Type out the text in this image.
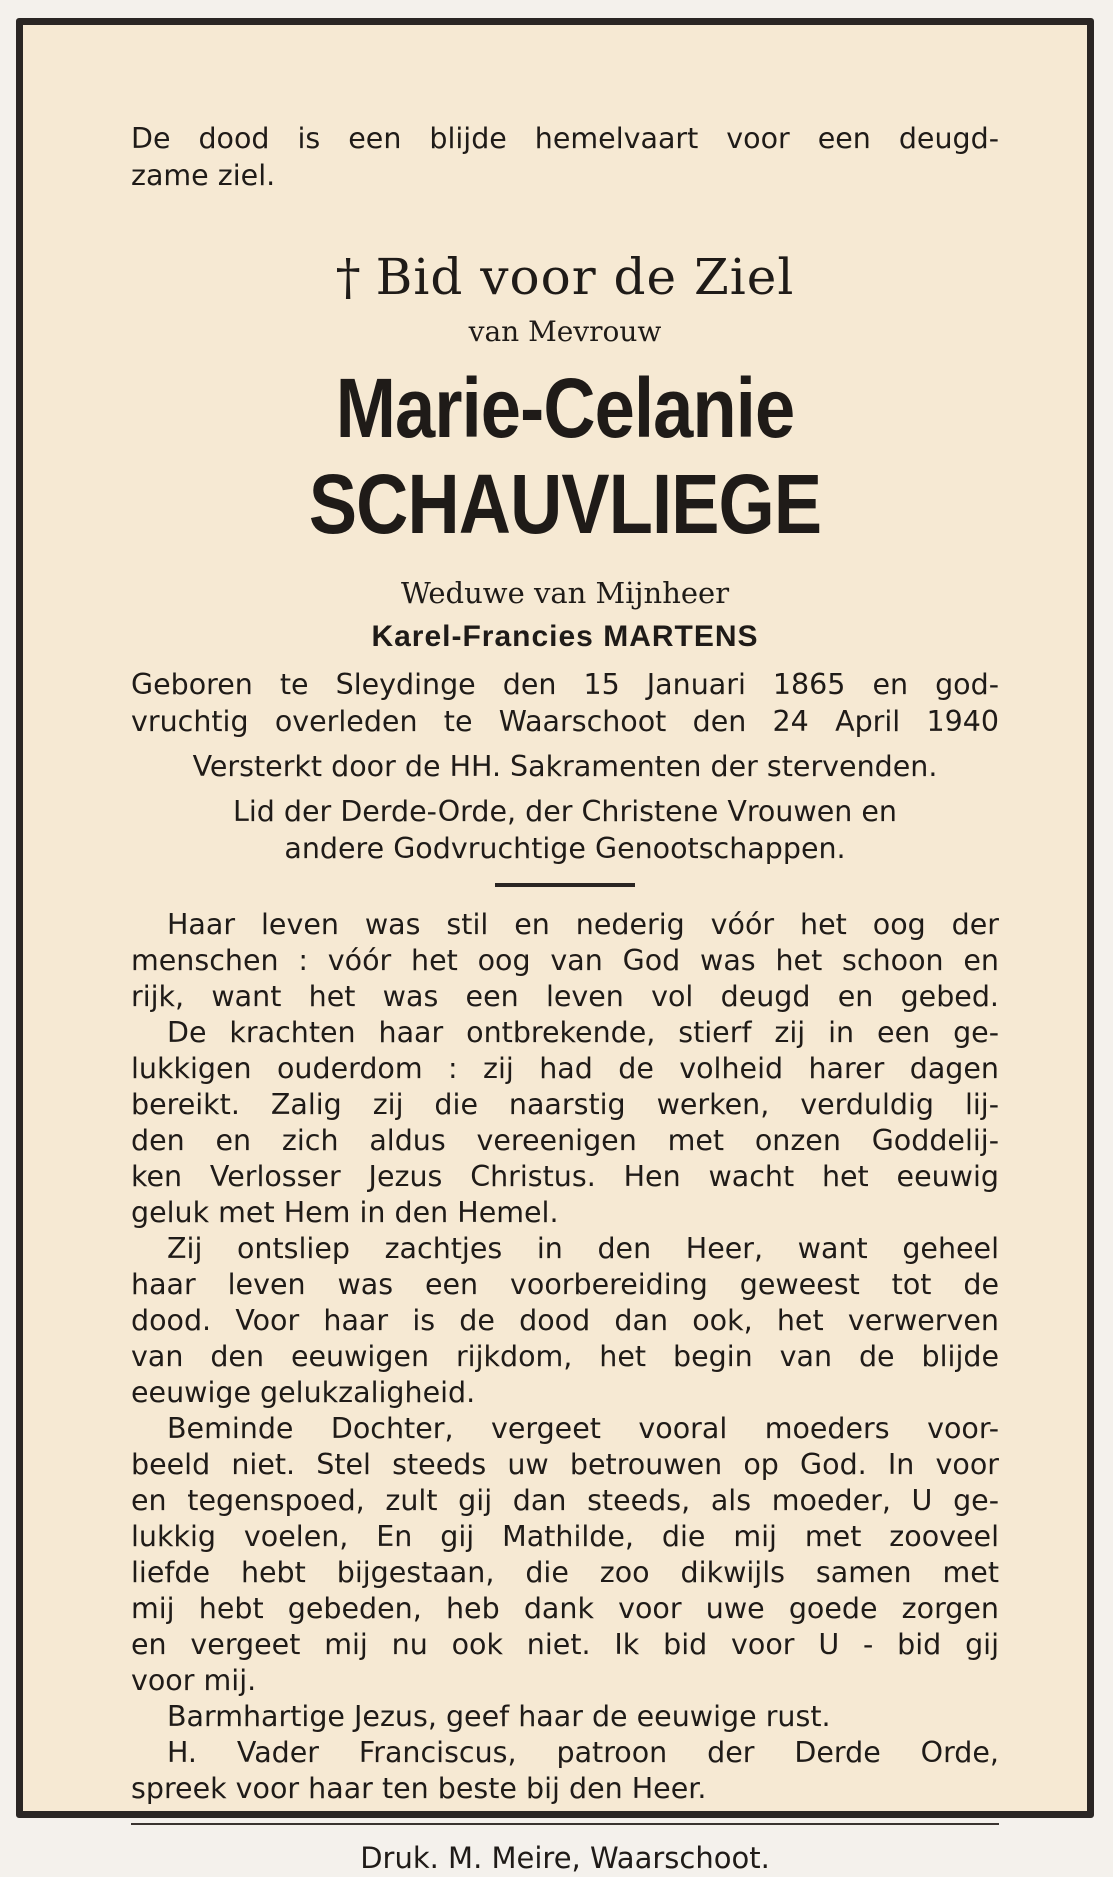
De dood is een blijde hemelvaart voor een deugd-
zame ziel.
† Bid voor de Ziel
van Mevrouw
Marie-Celanie SCHAUVLIEGE
Weduwe van Mijnheer
Karel-Francies MARTENS
Geboren te Sleydinge den 15 Januari 1865 en god-
vruchtig overleden te Waarschoot den 24 April 1940
Versterkt door de HH. Sakramenten der stervenden.
Lid der Derde-Orde, der Christene Vrouwen en
andere Godvruchtige Genootschappen.
Haar leven was stil en nederig vóór het oog der
menschen : vóór het oog van God was het schoon en
rijk, want het was een leven vol deugd en gebed.
De krachten haar ontbrekende, stierf zij in een ge-
lukkigen ouderdom : zij had de volheid harer dagen
bereikt. Zalig zij die naarstig werken, verduldig lij-
den en zich aldus vereenigen met onzen Goddelij-
ken Verlosser Jezus Christus. Hen wacht het eeuwig
geluk met Hem in den Hemel.
Zij ontsliep zachtjes in den Heer, want geheel
haar leven was een voorbereiding geweest tot de
dood. Voor haar is de dood dan ook, het verwerven
van den eeuwigen rijkdom, het begin van de blijde
eeuwige gelukzaligheid.
Beminde Dochter, vergeet vooral moeders voor-
beeld niet. Stel steeds uw betrouwen op God. In voor
en tegenspoed, zult gij dan steeds, als moeder, U ge-
lukkig voelen, En gij Mathilde, die mij met zooveel
liefde hebt bijgestaan, die zoo dikwijls samen met
mij hebt gebeden, heb dank voor uwe goede zorgen
en vergeet mij nu ook niet. Ik bid voor U - bid gij
voor mij.
Barmhartige Jezus, geef haar de eeuwige rust.
H. Vader Franciscus, patroon der Derde Orde,
spreek voor haar ten beste bij den Heer.
Druk. M. Meire, Waarschoot.
